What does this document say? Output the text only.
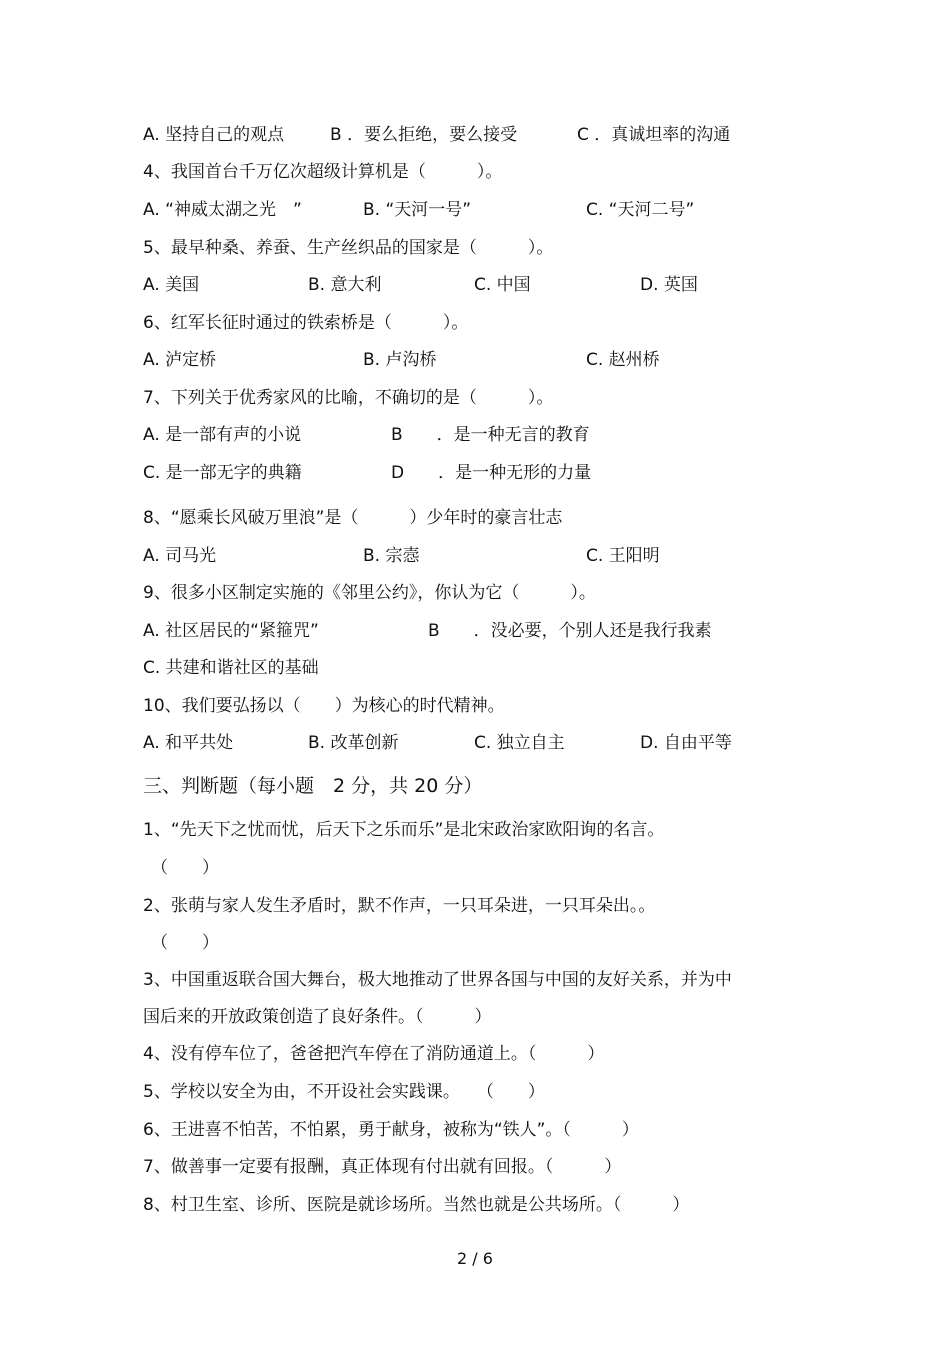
A. 坚持自己的观点	B ．要么拒绝，要么接受	C ．真诚坦率的沟通
4、我国首台千万亿次超级计算机是（　　　）。
A. “神威太湖之光　”	B. “天河一号”	C. “天河二号”
5、最早种桑、养蚕、生产丝织品的国家是（　　　）。
A. 美国	B. 意大利	C. 中国	D. 英国
6、红军长征时通过的铁索桥是（　　　）。
A. 泸定桥	B. 卢沟桥	C. 赵州桥
7、下列关于优秀家风的比喻，不确切的是（　　　）。
A. 是一部有声的小说	B　　．是一种无言的教育
C. 是一部无字的典籍	D　　．是一种无形的力量
8、“愿乘长风破万里浪”是（　　　）少年时的豪言壮志
A. 司马光	B. 宗悫	C. 王阳明
9、很多小区制定实施的《邻里公约》，你认为它（　　　）。
A. 社区居民的“紧箍咒”	B　　．没必要，个别人还是我行我素
C. 共建和谐社区的基础
10、我们要弘扬以（　　）为核心的时代精神。
A. 和平共处	B. 改革创新	C. 独立自主	D. 自由平等
三、判断题（每小题　2 分，共 20 分）
1、“先天下之忧而忧，后天下之乐而乐”是北宋政治家欧阳询的名言。
（　　）
2、张萌与家人发生矛盾时，默不作声，一只耳朵进，一只耳朵出。。
（　　）
3、中国重返联合国大舞台，极大地推动了世界各国与中国的友好关系，并为中
国后来的开放政策创造了良好条件。（　　　）
4、没有停车位了，爸爸把汽车停在了消防通道上。（　　　）
5、学校以安全为由，不开设社会实践课。　　（　　）
6、王进喜不怕苦，不怕累，勇于献身，被称为“铁人”。（　　　）
7、做善事一定要有报酬，真正体现有付出就有回报。（　　　）
8、村卫生室、诊所、医院是就诊场所。当然也就是公共场所。（　　　）
2 / 6
